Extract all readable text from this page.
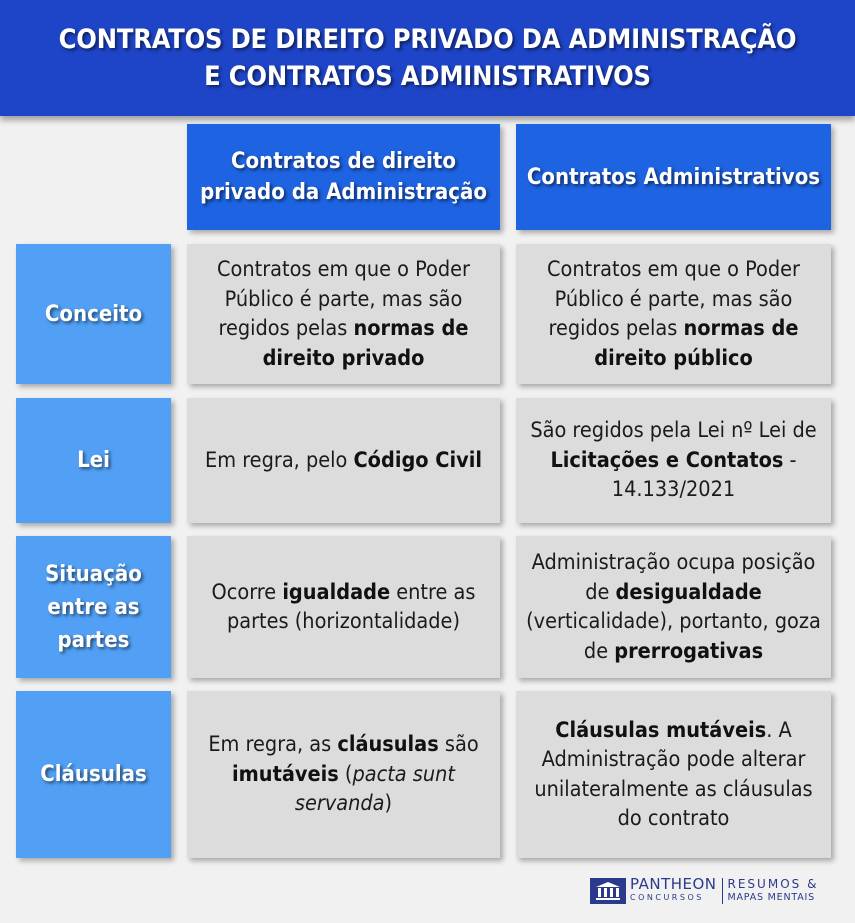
CONTRATOS DE DIREITO PRIVADO DA ADMINISTRAÇÃO
E CONTRATOS ADMINISTRATIVOS
Contratos de direito
privado da Administração
Contratos Administrativos
Conceito

Contratos em que o Poder Público é parte, mas são regidos pelas normas de direito privado

Contratos em que o Poder Público é parte, mas são regidos pelas normas de direito público

Lei	Em regra, pelo Código Civil

São regidos pela Lei nº Lei de Licitações e Contatos - 14.133/2021

Situação
entre as
partes

Ocorre igualdade entre as partes (horizontalidade)

Administração ocupa posição de desigualdade (verticalidade), portanto, goza de prerrogativas

Cláusulas

Em regra, as cláusulas são imutáveis (pacta sunt servanda)

Cláusulas mutáveis. A Administração pode alterar unilateralmente as cláusulas do contrato

PANTHEON
CONCURSOS
RESUMOS &
MAPAS MENTAIS
